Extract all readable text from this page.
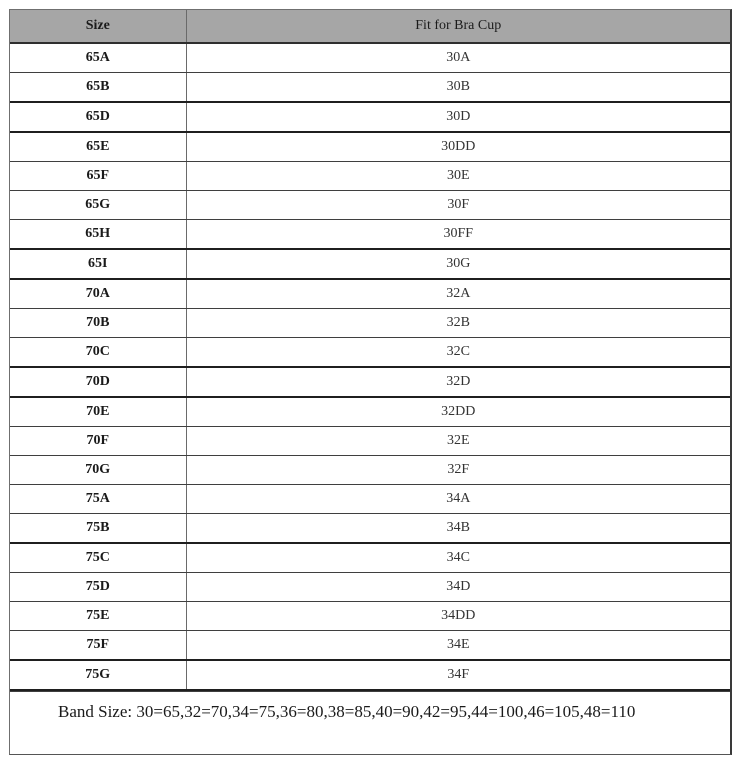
Size	Fit for Bra Cup
65A	30A
65B	30B
65D	30D
65E	30DD
65F	30E
65G	30F
65H	30FF
65I	30G
70A	32A
70B	32B
70C	32C
70D	32D
70E	32DD
70F	32E
70G	32F
75A	34A
75B	34B
75C	34C
75D	34D
75E	34DD
75F	34E
75G	34F
Band Size: 30=65,32=70,34=75,36=80,38=85,40=90,42=95,44=100,46=105,48=110
